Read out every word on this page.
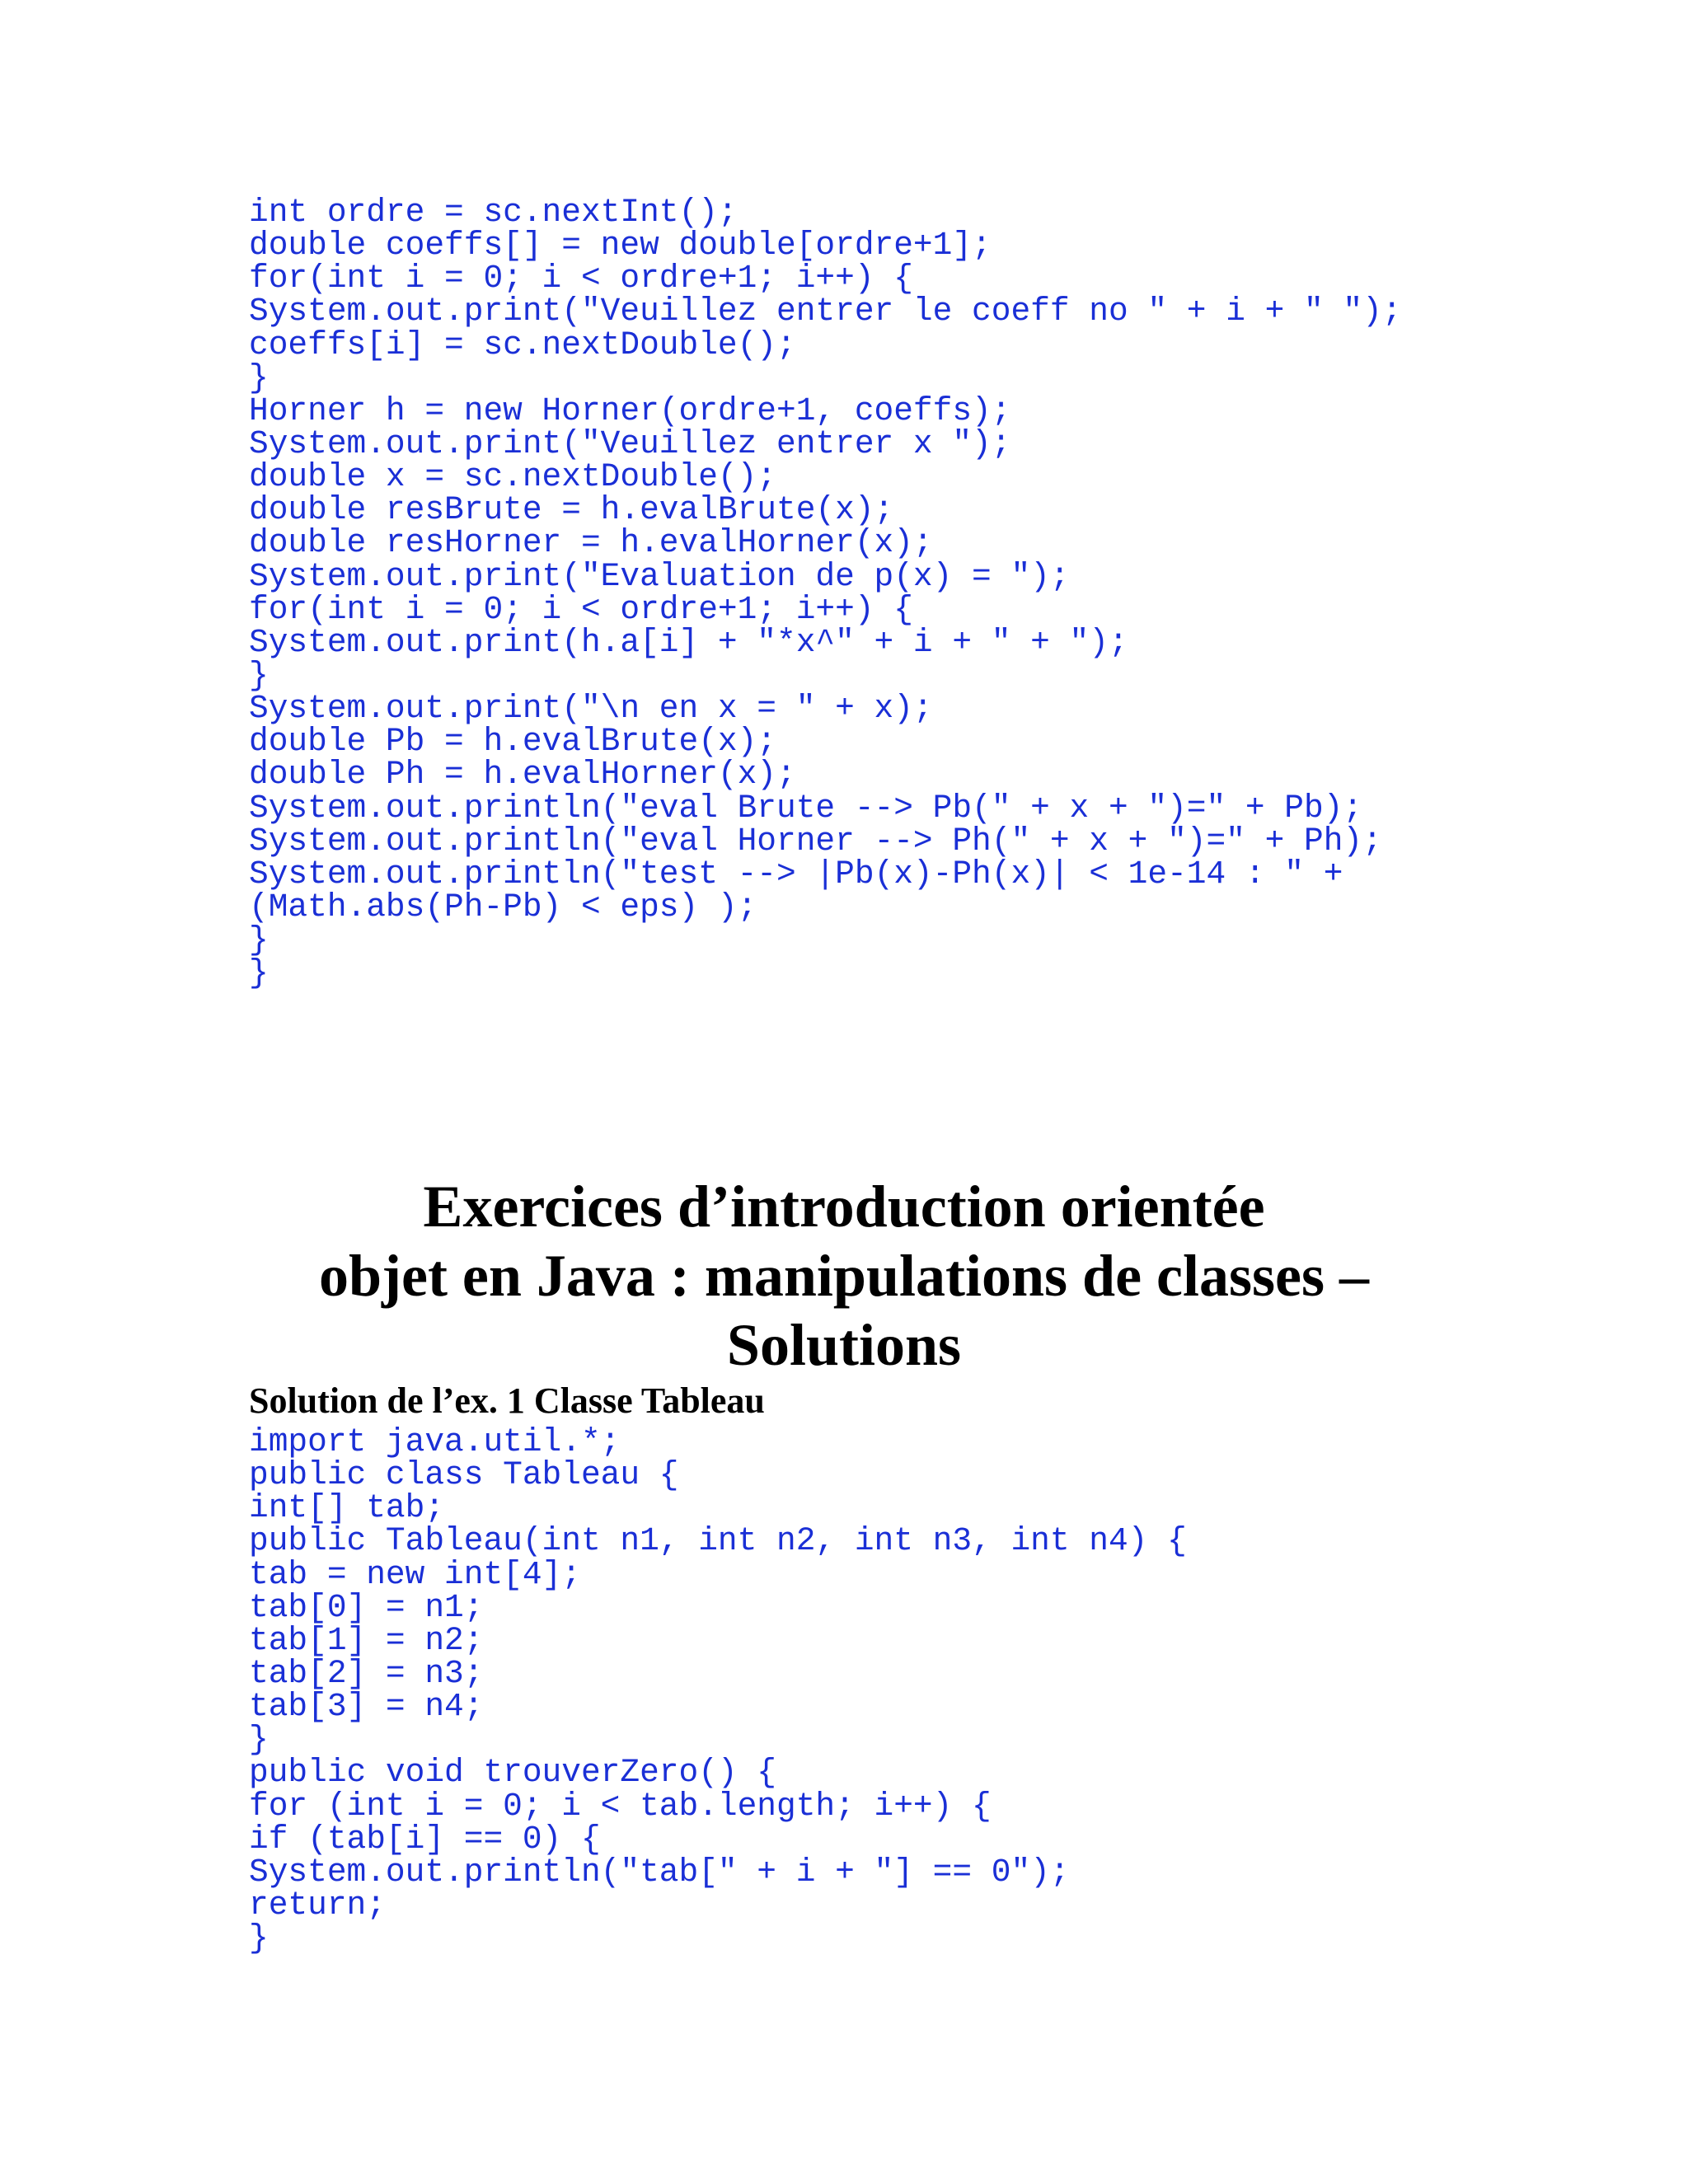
int ordre = sc.nextInt();
double coeffs[] = new double[ordre+1];
for(int i = 0; i < ordre+1; i++) {
System.out.print("Veuillez entrer le coeff no " + i + " ");
coeffs[i] = sc.nextDouble();
}
Horner h = new Horner(ordre+1, coeffs);
System.out.print("Veuillez entrer x ");
double x = sc.nextDouble();
double resBrute = h.evalBrute(x);
double resHorner = h.evalHorner(x);
System.out.print("Evaluation de p(x) = ");
for(int i = 0; i < ordre+1; i++) {
System.out.print(h.a[i] + "*x^" + i + " + ");
}
System.out.print("\n en x = " + x);
double Pb = h.evalBrute(x);
double Ph = h.evalHorner(x);
System.out.println("eval Brute --> Pb(" + x + ")=" + Pb);
System.out.println("eval Horner --> Ph(" + x + ")=" + Ph);
System.out.println("test --> |Pb(x)-Ph(x)| < 1e-14 : " +
(Math.abs(Ph-Pb) < eps) );
}
}
Exercices d’introduction orientée
objet en Java : manipulations de classes –
Solutions
Solution de l’ex. 1 Classe Tableau
import java.util.*;
public class Tableau {
int[] tab;
public Tableau(int n1, int n2, int n3, int n4) {
tab = new int[4];
tab[0] = n1;
tab[1] = n2;
tab[2] = n3;
tab[3] = n4;
}
public void trouverZero() {
for (int i = 0; i < tab.length; i++) {
if (tab[i] == 0) {
System.out.println("tab[" + i + "] == 0");
return;
}
